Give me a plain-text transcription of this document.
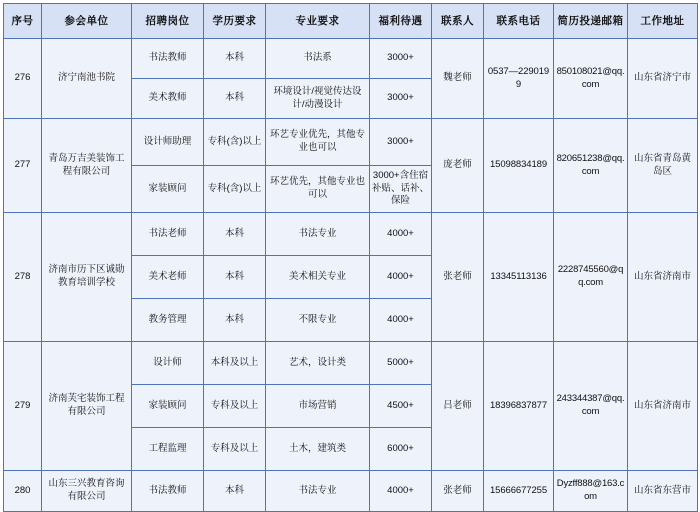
序号	参会单位	招聘岗位	学历要求	专业要求	福利待遇	联系人	联系电话	简历投递邮箱	工作地址
276	济宁南池书院	书法教师	本科	书法系	3000+	魏老师	0537—2290199	850108021@qq.com	山东省济宁市
		美术教师	本科	环境设计/视觉传达设计/动漫设计	3000+				
277	青岛万吉美装饰工程有限公司	设计师助理	专科(含)以上	环艺专业优先，其他专业也可以	3000+	庞老师	15098834189	820651238@qq.com	山东省青岛黄岛区
		家装顾问	专科(含)以上	环艺优先，其他专业也可以	3000+含住宿补贴、话补、保险				
278	济南市历下区诚勋教育培训学校	书法老师	本科	书法专业	4000+	张老师	13345113136	2228745560@qq.com	山东省济南市
		美术老师	本科	美术相关专业	4000+				
		教务管理	本科	不限专业	4000+				
279	济南芙宅装饰工程有限公司	设计师	本科及以上	艺术，设计类	5000+	吕老师	18396837877	243344387@qq.com	山东省济南市
		家装顾问	专科及以上	市场营销	4500+				
		工程监理	专科及以上	土木，建筑类	6000+				
280	山东三兴教育咨询有限公司	书法教师	本科	书法专业	4000+	张老师	15666677255	Dyzff888@163.com	山东省东营市
